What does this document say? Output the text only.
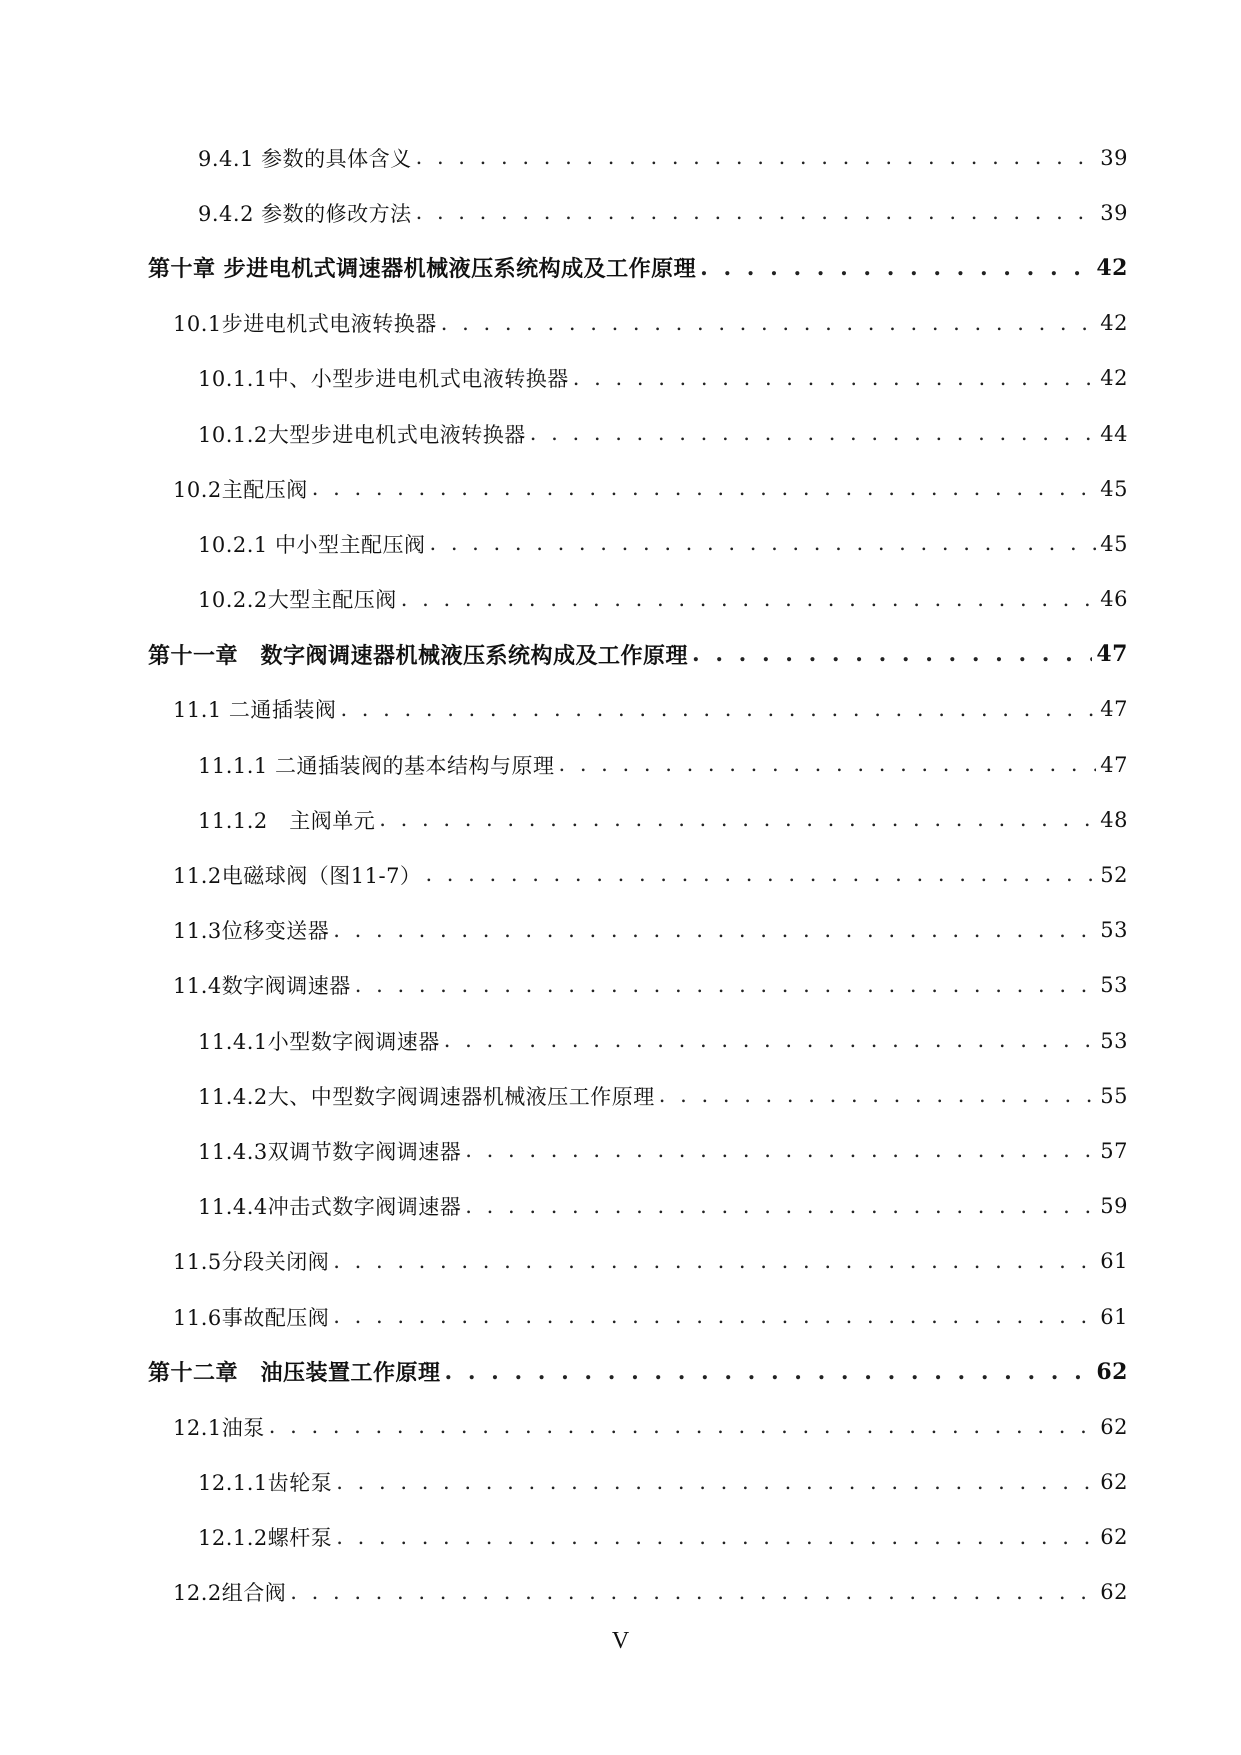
9.4.1 参数的具体含义 . . .	39
9.4.2 参数的修改方法 . . .	39
第十章 步进电机式调速器机械液压系统构成及工作原理 . . .	42
10.1步进电机式电液转换器 . . .	42
10.1.1中、小型步进电机式电液转换器 . . .	42
10.1.2大型步进电机式电液转换器 . . .	44
10.2主配压阀 . . .	45
10.2.1 中小型主配压阀 . . .	45
10.2.2大型主配压阀 . . .	46
第十一章　数字阀调速器机械液压系统构成及工作原理 . . .	47
11.1 二通插装阀 . . .	47
11.1.1 二通插装阀的基本结构与原理 . . .	47
11.1.2　主阀单元 . . .	48
11.2电磁球阀（图11-7） . . .	52
11.3位移变送器 . . .	53
11.4数字阀调速器 . . .	53
11.4.1小型数字阀调速器 . . .	53
11.4.2大、中型数字阀调速器机械液压工作原理 . . .	55
11.4.3双调节数字阀调速器 . . .	57
11.4.4冲击式数字阀调速器 . . .	59
11.5分段关闭阀 . . .	61
11.6事故配压阀 . . .	61
第十二章　油压装置工作原理 . . .	62
12.1油泵 . . .	62
12.1.1齿轮泵 . . .	62
12.1.2螺杆泵 . . .	62
12.2组合阀 . . .	62
V
